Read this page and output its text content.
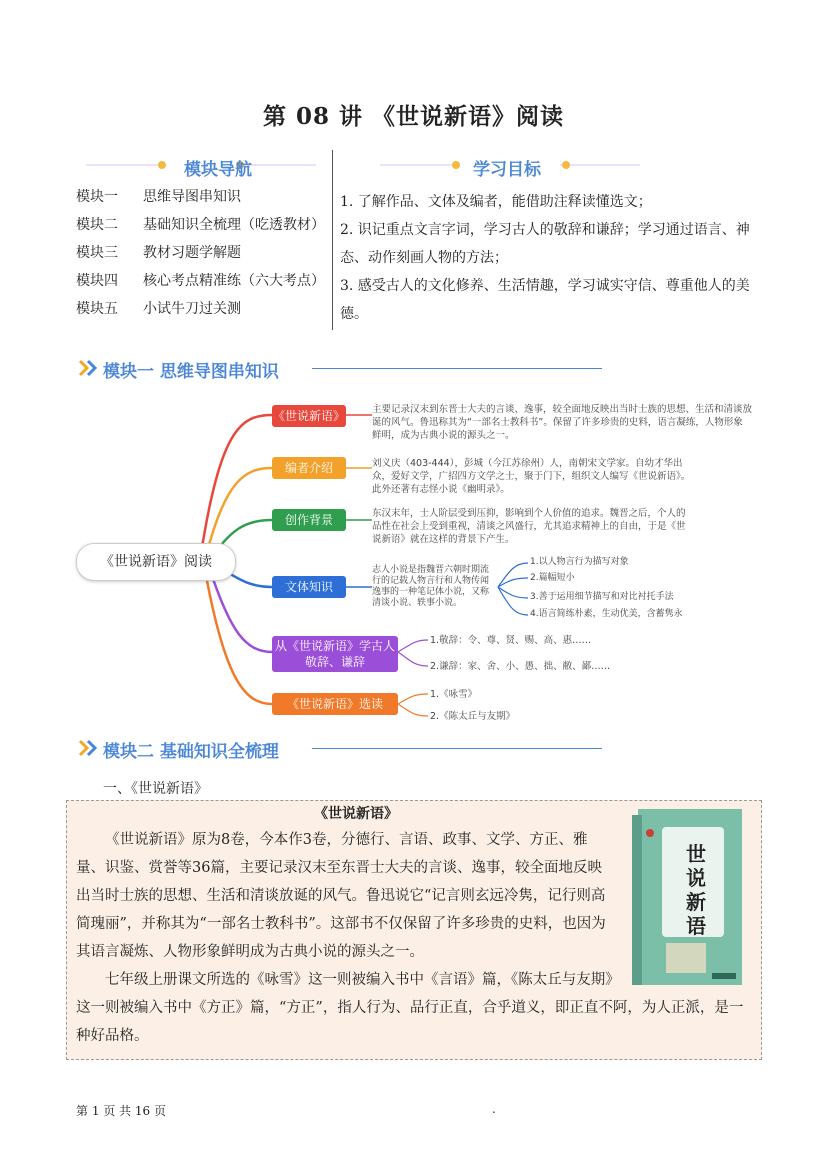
第 08 讲 《世说新语》阅读
模块导航
模块一 思维导图串知识
模块二 基础知识全梳理（吃透教材）
模块三 教材习题学解题
模块四 核心考点精准练（六大考点）
模块五 小试牛刀过关测
学习目标
1. 了解作品、文体及编者，能借助注释读懂选文；
2. 识记重点文言字词，学习古人的敬辞和谦辞；学习通过语言、神态、动作刻画人物的方法；
3. 感受古人的文化修养、生活情趣，学习诚实守信、尊重他人的美德。
模块一 思维导图串知识
《世说新语》阅读
《世说新语》	主要记录汉末到东晋士大夫的言谈、逸事，较全面地反映出当时士族的思想、生活和清谈放诞的风气。鲁迅称其为“一部名士教科书”。保留了许多珍贵的史料，语言凝练，人物形象鲜明，成为古典小说的源头之一。
编者介绍	刘义庆（403-444），彭城（今江苏徐州）人，南朝宋文学家。自幼才华出众，爱好文学，广招四方文学之士，聚于门下，组织文人编写《世说新语》。此外还著有志怪小说《幽明录》。
创作背景	东汉末年，士人阶层受到压抑，影响到个人价值的追求。魏晋之后，个人的品性在社会上受到重视，清谈之风盛行，尤其追求精神上的自由，于是《世说新语》就在这样的背景下产生。
文体知识
志人小说是指魏晋六朝时期流行的记载人物言行和人物传闻逸事的一种笔记体小说，又称清谈小说、轶事小说。
1.以人物言行为描写对象
2.篇幅短小
3.善于运用细节描写和对比衬托手法
4.语言简练朴素，生动优美，含蓄隽永
从《世说新语》学古人敬辞、谦辞
1.敬辞：令、尊、贤、赐、高、惠……
2.谦辞：家、舍、小、愚、拙、敝、鄙……
《世说新语》选读
1.《咏雪》
2.《陈太丘与友期》
模块二 基础知识全梳理
一、《世说新语》
《世说新语》
《世说新语》原为8卷，今本作3卷，分德行、言语、政事、文学、方正、雅量、识鉴、赏誉等36篇，主要记录汉末至东晋士大夫的言谈、逸事，较全面地反映出当时士族的思想、生活和清谈放诞的风气。鲁迅说它“记言则玄远冷隽，记行则高简瑰丽”，并称其为“一部名士教科书”。这部书不仅保留了许多珍贵的史料，也因为其语言凝炼、人物形象鲜明成为古典小说的源头之一。
七年级上册课文所选的《咏雪》这一则被编入书中《言语》篇，《陈太丘与友期》
这一则被编入书中《方正》篇，“方正”，指人行为、品行正直，合乎道义，即正直不阿，为人正派，是一种好品格。
世
说
新
语
第 1 页 共 16 页	.
